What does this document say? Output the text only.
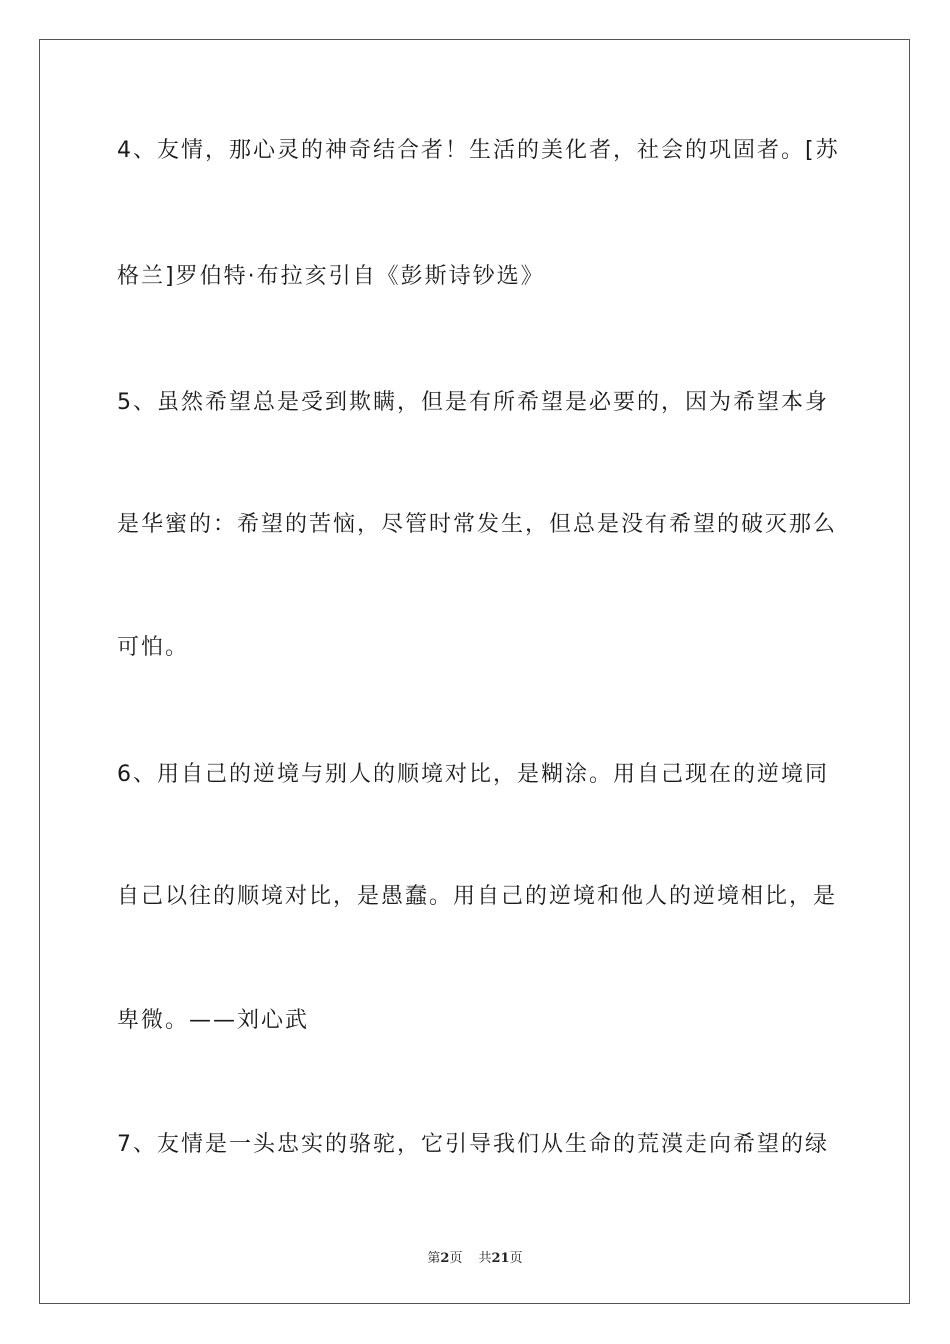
4、友情，那心灵的神奇结合者！生活的美化者，社会的巩固者。[苏
格兰]罗伯特·布拉亥引自《彭斯诗钞选》
5、虽然希望总是受到欺瞒，但是有所希望是必要的，因为希望本身
是华蜜的：希望的苦恼，尽管时常发生，但总是没有希望的破灭那么
可怕。
6、用自己的逆境与别人的顺境对比，是糊涂。用自己现在的逆境同
自己以往的顺境对比，是愚蠢。用自己的逆境和他人的逆境相比，是
卑微。——刘心武
7、友情是一头忠实的骆驼，它引导我们从生命的荒漠走向希望的绿
第2页 共21页
